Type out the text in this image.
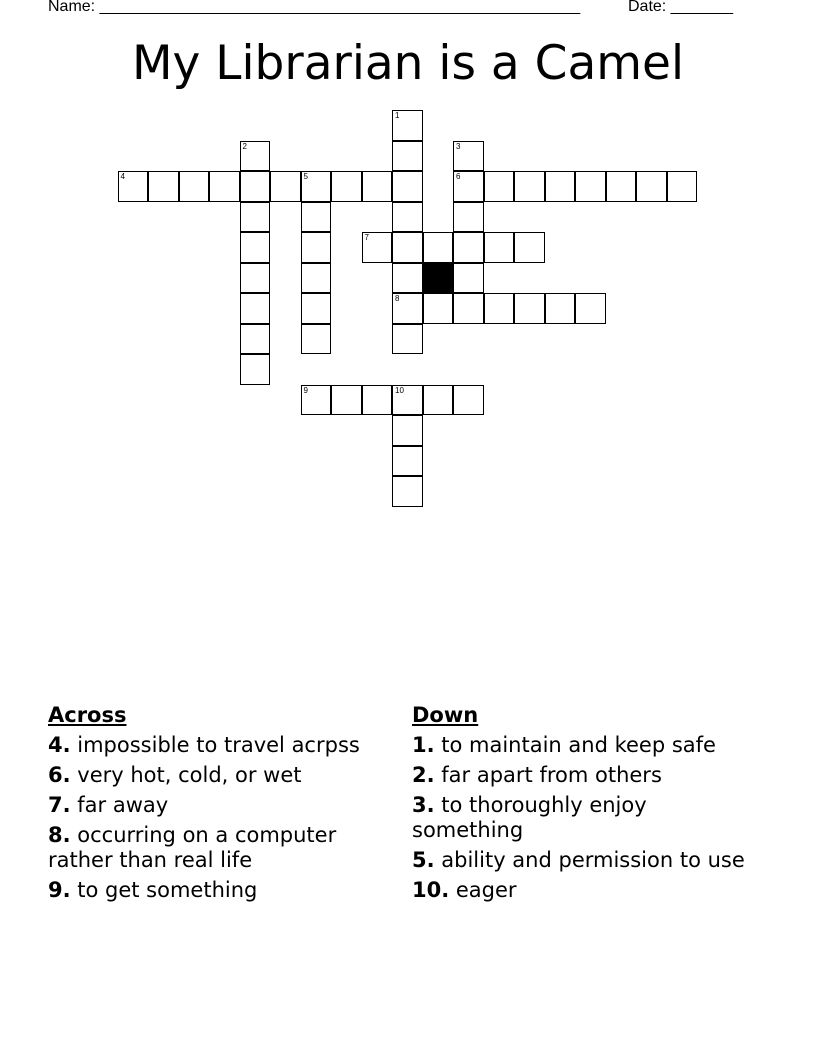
Name: ______________________________________________________	Date: _______
My Librarian is a Camel
1
2	3
4	5	6
7
8
9	10
Across
4. impossible to travel acrpss
6. very hot, cold, or wet
7. far away
8. occurring on a computer rather than real life
9. to get something
Down
1. to maintain and keep safe
2. far apart from others
3. to thoroughly enjoy something
5. ability and permission to use
10. eager
